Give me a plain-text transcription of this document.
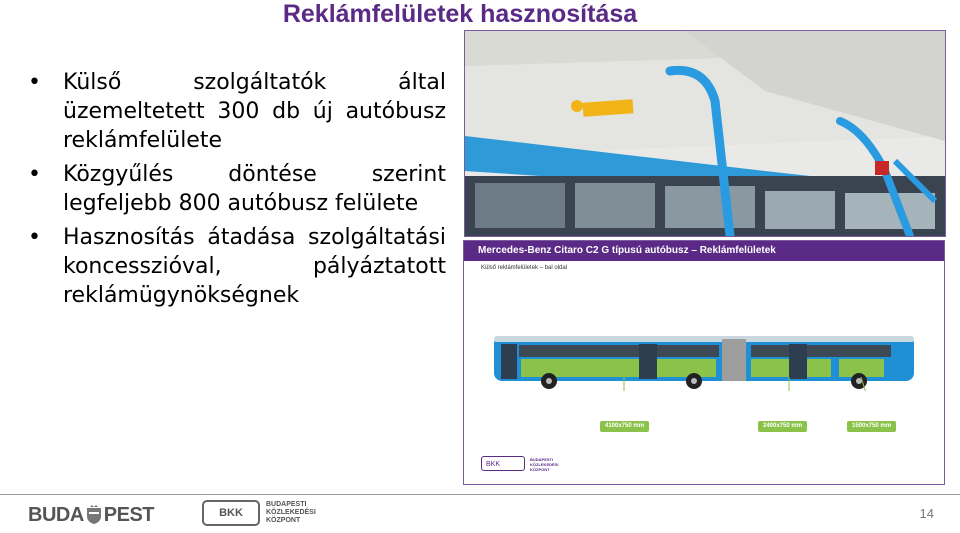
Reklámfelületek hasznosítása
• Külső szolgáltatók által üzemeltetett 300 db új autóbusz reklámfelülete
• Közgyűlés döntése szerint legfeljebb 800 autóbusz felülete
• Hasznosítás átadása szolgáltatási koncesszióval, pályáztatott reklámügynökségnek
Mercedes-Benz Citaro C2 G típusú autóbusz – Reklámfelületek
Külső reklámfelületek – bal oldal
4100x750 mm	2400x750 mm	1500x750 mm
BKK
BUDAPESTI
KÖZLEKEDÉSI
KÖZPONT
BUDA PEST	BKK
BUDAPESTI
KÖZLEKEDÉSI
KÖZPONT	14
